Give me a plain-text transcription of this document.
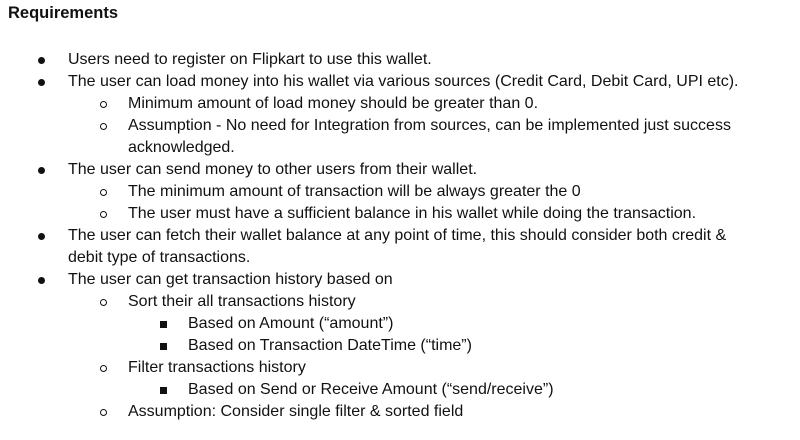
Requirements
Users need to register on Flipkart to use this wallet.
The user can load money into his wallet via various sources (Credit Card, Debit Card, UPI etc).
Minimum amount of load money should be greater than 0.
Assumption - No need for Integration from sources, can be implemented just success
acknowledged.
The user can send money to other users from their wallet.
The minimum amount of transaction will be always greater the 0
The user must have a sufficient balance in his wallet while doing the transaction.
The user can fetch their wallet balance at any point of time, this should consider both credit &
debit type of transactions.
The user can get transaction history based on
Sort their all transactions history
Based on Amount (“amount”)
Based on Transaction DateTime (“time”)
Filter transactions history
Based on Send or Receive Amount (“send/receive”)
Assumption: Consider single filter & sorted field
